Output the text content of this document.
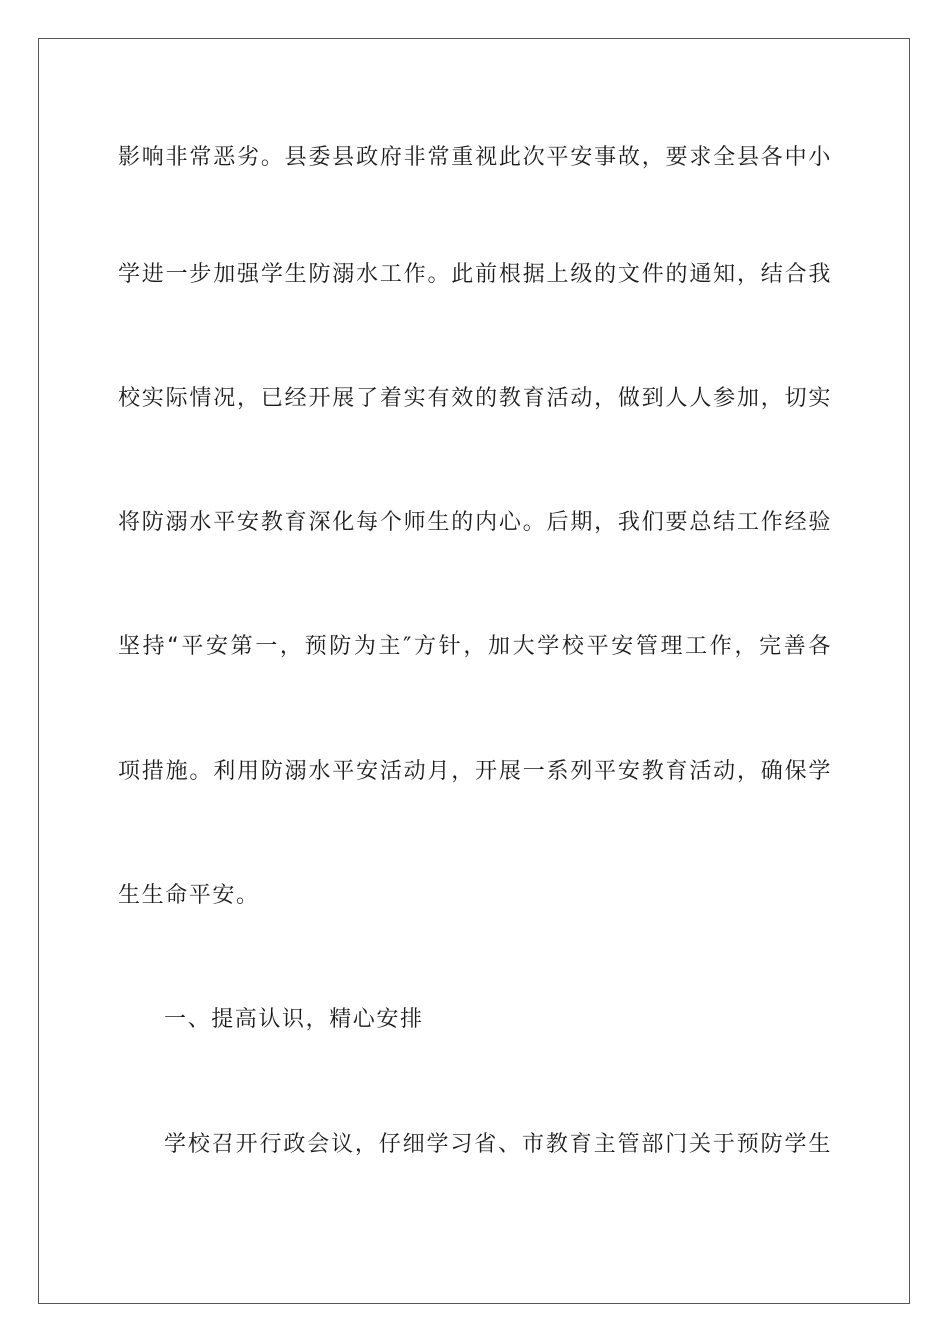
影响非常恶劣。县委县政府非常重视此次平安事故，要求全县各中小
学进一步加强学生防溺水工作。此前根据上级的文件的通知，结合我
校实际情况，已经开展了着实有效的教育活动，做到人人参加，切实
将防溺水平安教育深化每个师生的内心。后期，我们要总结工作经验
坚持“平安第一，预防为主″方针，加大学校平安管理工作，完善各
项措施。利用防溺水平安活动月，开展一系列平安教育活动，确保学
生生命平安。
一、提高认识，精心安排
学校召开行政会议，仔细学习省、市教育主管部门关于预防学生
